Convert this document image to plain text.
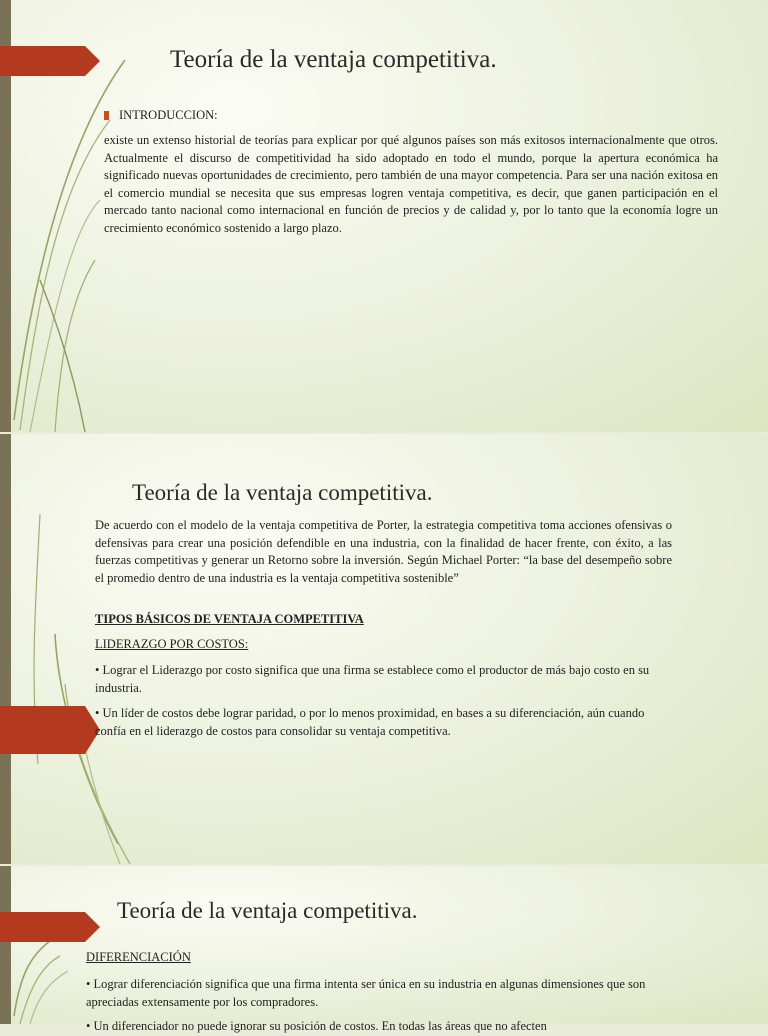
Teoría de la ventaja competitiva.
INTRODUCCION:

existe un extenso historial de teorías para explicar por qué algunos países son más exitosos internacionalmente que otros. Actualmente el discurso de competitividad ha sido adoptado en todo el mundo, porque la apertura económica ha significado nuevas oportunidades de crecimiento, pero también de una mayor competencia. Para ser una nación exitosa en el comercio mundial se necesita que sus empresas logren ventaja competitiva, es decir, que ganen participación en el mercado tanto nacional como internacional en función de precios y de calidad y, por lo tanto que la economía logre un crecimiento económico sostenido a largo plazo.

Teoría de la ventaja competitiva.

De acuerdo con el modelo de la ventaja competitiva de Porter, la estrategia competitiva toma acciones ofensivas o defensivas para crear una posición defendible en una industria, con la finalidad de hacer frente, con éxito, a las fuerzas competitivas y generar un Retorno sobre la inversión. Según Michael Porter: “la base del desempeño sobre el promedio dentro de una industria es la ventaja competitiva sostenible”

TIPOS BÁSICOS DE VENTAJA COMPETITIVA

LIDERAZGO POR COSTOS:

• Lograr el Liderazgo por costo significa que una firma se establece como el productor de más bajo costo en su industria.

• Un líder de costos debe lograr paridad, o por lo menos proximidad, en bases a su diferenciación, aún cuando confía en el liderazgo de costos para consolidar su ventaja competitiva.

Teoría de la ventaja competitiva.

DIFERENCIACIÓN

• Lograr diferenciación significa que una firma intenta ser única en su industria en algunas dimensiones que son apreciadas extensamente por los compradores.

• Un diferenciador no puede ignorar su posición de costos. En todas las áreas que no afecten
